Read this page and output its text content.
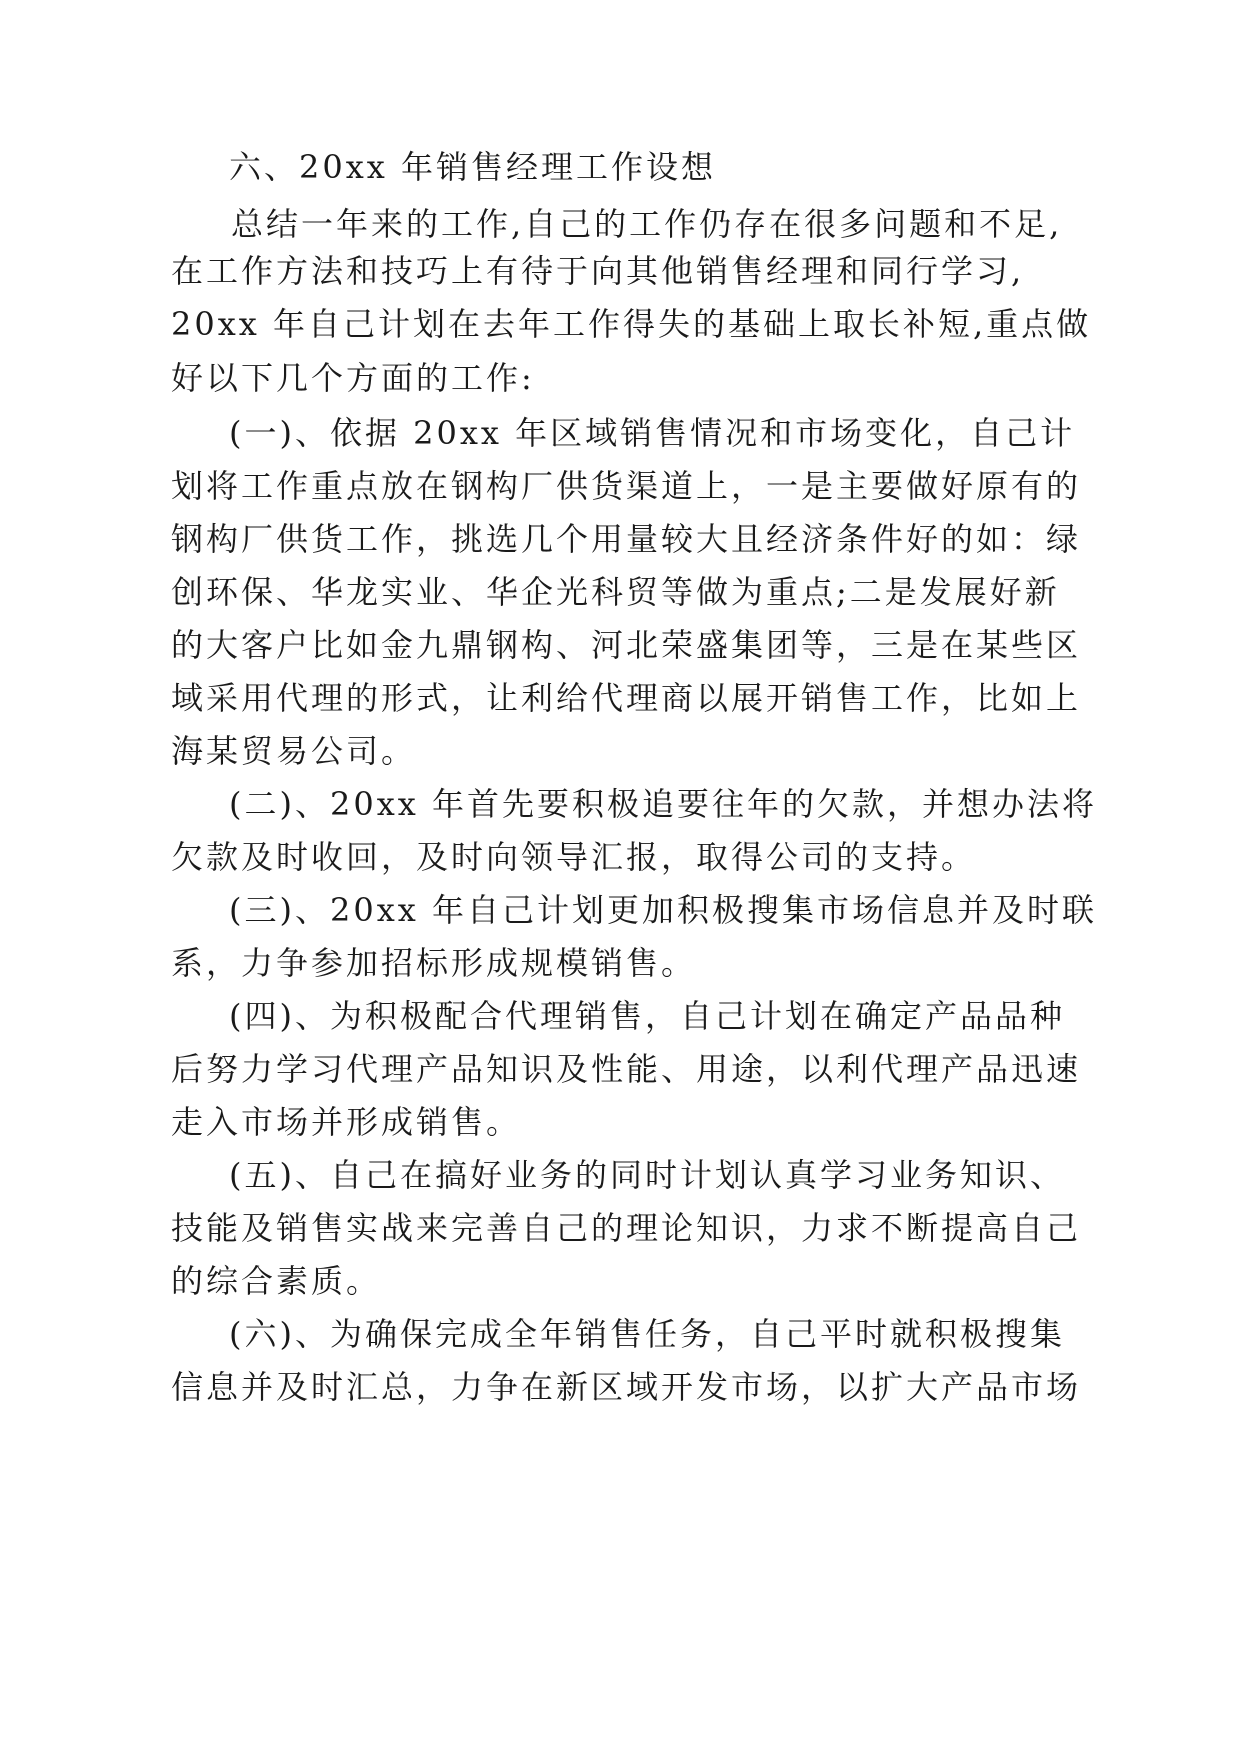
六、20xx 年销售经理工作设想

总结一年来的工作,自己的工作仍存在很多问题和不足,

在工作方法和技巧上有待于向其他销售经理和同行学习,

20xx 年自己计划在去年工作得失的基础上取长补短,重点做

好以下几个方面的工作:

(一)、依据 20xx 年区域销售情况和市场变化，自己计

划将工作重点放在钢构厂供货渠道上，一是主要做好原有的

钢构厂供货工作，挑选几个用量较大且经济条件好的如：绿

创环保、华龙实业、华企光科贸等做为重点;二是发展好新

的大客户比如金九鼎钢构、河北荣盛集团等，三是在某些区

域采用代理的形式，让利给代理商以展开销售工作，比如上

海某贸易公司。

(二)、20xx 年首先要积极追要往年的欠款，并想办法将

欠款及时收回，及时向领导汇报，取得公司的支持。

(三)、20xx 年自己计划更加积极搜集市场信息并及时联

系，力争参加招标形成规模销售。

(四)、为积极配合代理销售，自己计划在确定产品品种

后努力学习代理产品知识及性能、用途，以利代理产品迅速

走入市场并形成销售。

(五)、自己在搞好业务的同时计划认真学习业务知识、

技能及销售实战来完善自己的理论知识，力求不断提高自己

的综合素质。

(六)、为确保完成全年销售任务，自己平时就积极搜集

信息并及时汇总，力争在新区域开发市场，以扩大产品市场
